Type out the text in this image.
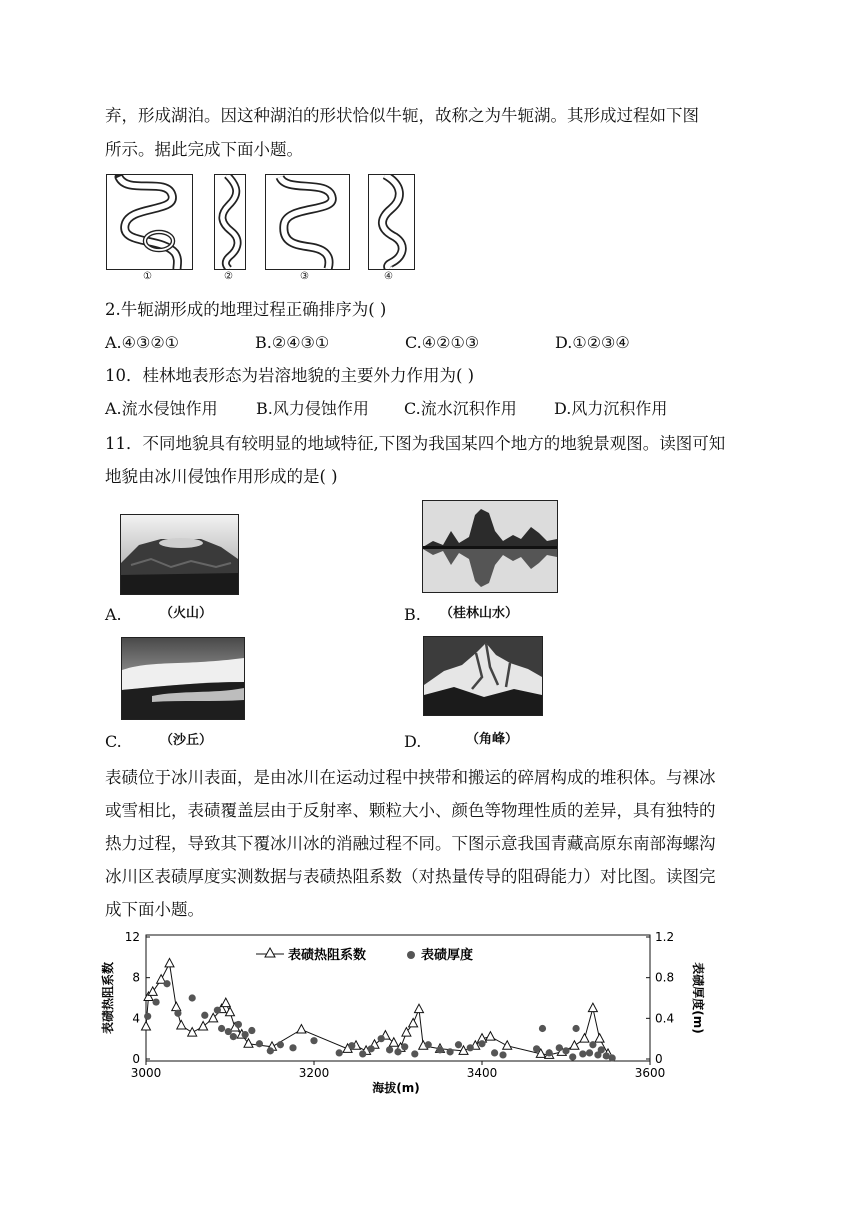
弃，形成湖泊。因这种湖泊的形状恰似牛轭，故称之为牛轭湖。其形成过程如下图
所示。据此完成下面小题。
①	②	③	④
2.牛轭湖形成的地理过程正确排序为( )
A.④③②①	B.②④③①	C.④②①③	D.①②③④
10．桂林地表形态为岩溶地貌的主要外力作用为( )
A.流水侵蚀作用 B.风力侵蚀作用 C.流水沉积作用 D.风力沉积作用
11．不同地貌具有较明显的地域特征,下图为我国某四个地方的地貌景观图。读图可知
地貌由冰川侵蚀作用形成的是( )
A.	（火山）	B. （桂林山水）
C.	（沙丘）	D.	（角峰）
表碛位于冰川表面，是由冰川在运动过程中挟带和搬运的碎屑构成的堆积体。与裸冰
或雪相比，表碛覆盖层由于反射率、颗粒大小、颜色等物理性质的差异，具有独特的
热力过程，导致其下覆冰川冰的消融过程不同。下图示意我国青藏高原东南部海螺沟
冰川区表碛厚度实测数据与表碛热阻系数（对热量传导的阻碍能力）对比图。读图完
成下面小题。
3000	3200	3400	3600
0
4
8
12
0
0.4
0.8
1.2
表碛热阻系数	表碛厚度
表碛热阻系数	表碛厚度(m)
海拔(m)
